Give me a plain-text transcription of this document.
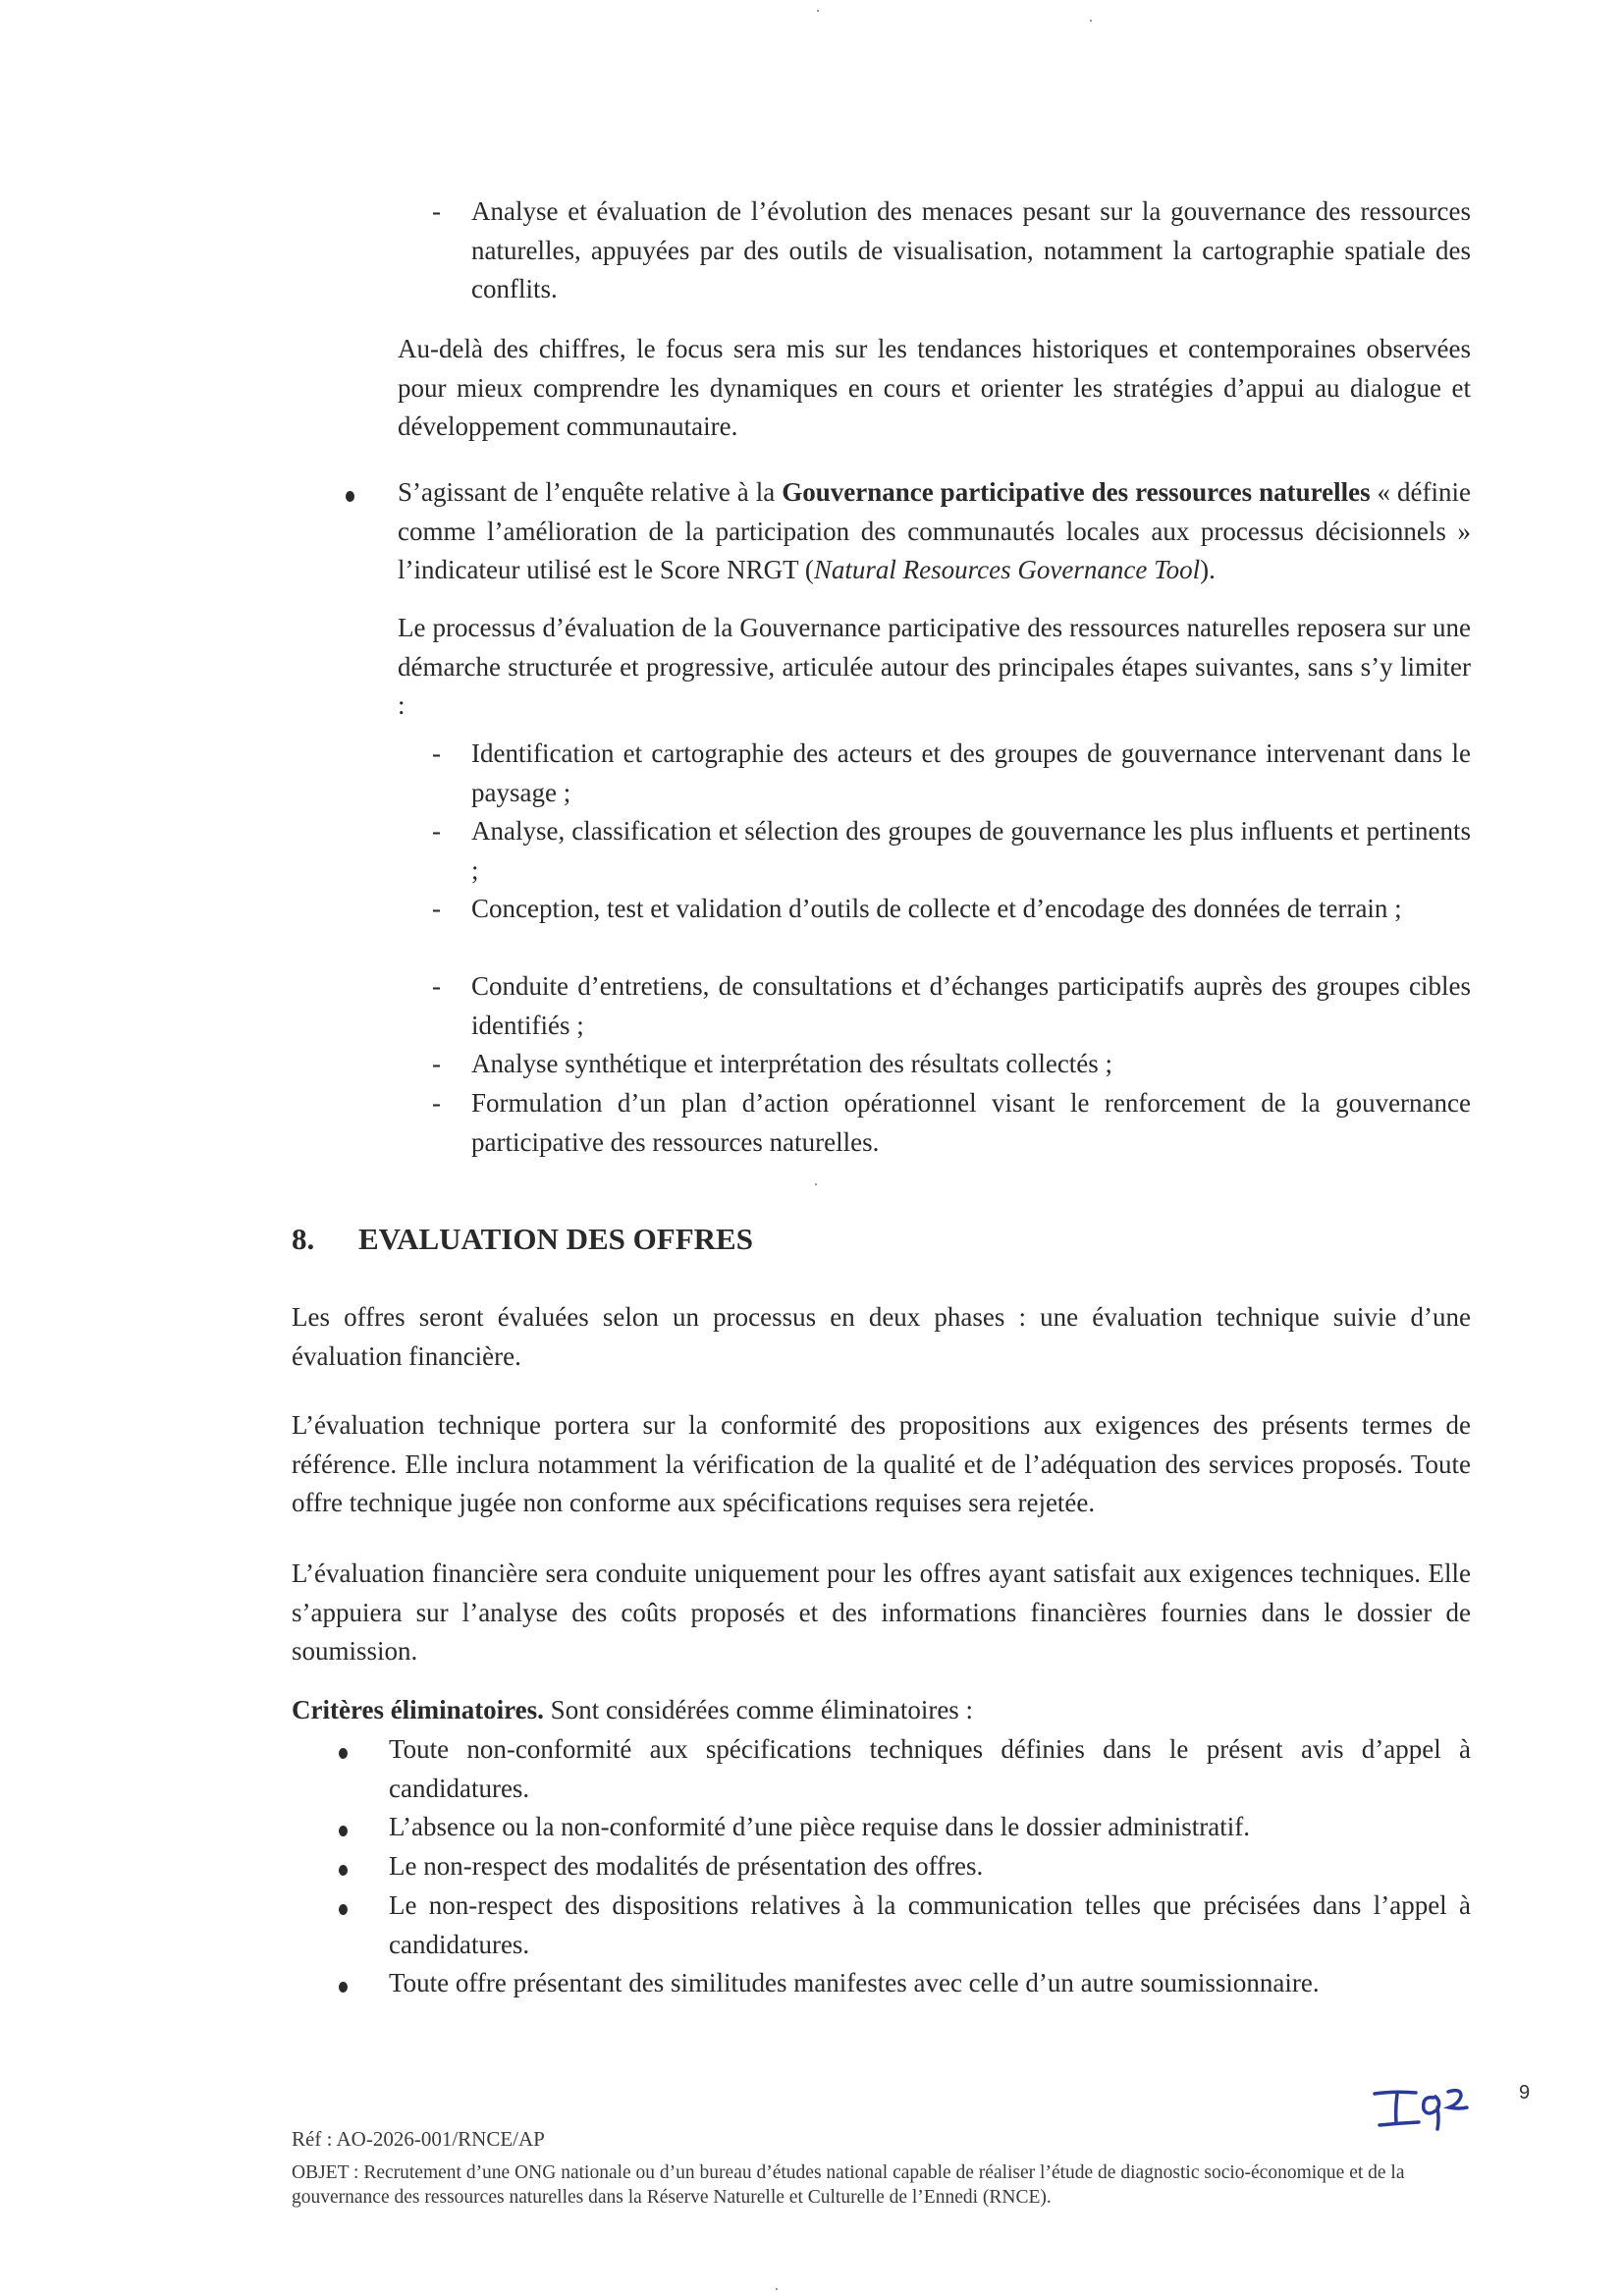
- Analyse et évaluation de l’évolution des menaces pesant sur la gouvernance des ressources naturelles, appuyées par des outils de visualisation, notamment la cartographie spatiale des conflits.

Au-delà des chiffres, le focus sera mis sur les tendances historiques et contemporaines observées pour mieux comprendre les dynamiques en cours et orienter les stratégies d’appui au dialogue et développement communautaire.

S’agissant de l’enquête relative à la Gouvernance participative des ressources naturelles « définie comme l’amélioration de la participation des communautés locales aux processus décisionnels » l’indicateur utilisé est le Score NRGT (Natural Resources Governance Tool).

Le processus d’évaluation de la Gouvernance participative des ressources naturelles reposera sur une démarche structurée et progressive, articulée autour des principales étapes suivantes, sans s’y limiter :

- Identification et cartographie des acteurs et des groupes de gouvernance intervenant dans le paysage ;
- Analyse, classification et sélection des groupes de gouvernance les plus influents et pertinents ;
- Conception, test et validation d’outils de collecte et d’encodage des données de terrain ;
- Conduite d’entretiens, de consultations et d’échanges participatifs auprès des groupes cibles identifiés ;
- Analyse synthétique et interprétation des résultats collectés ;
- Formulation d’un plan d’action opérationnel visant le renforcement de la gouvernance participative des ressources naturelles.
8. EVALUATION DES OFFRES

Les offres seront évaluées selon un processus en deux phases : une évaluation technique suivie d’une évaluation financière.

L’évaluation technique portera sur la conformité des propositions aux exigences des présents termes de référence. Elle inclura notamment la vérification de la qualité et de l’adéquation des services proposés. Toute offre technique jugée non conforme aux spécifications requises sera rejetée.

L’évaluation financière sera conduite uniquement pour les offres ayant satisfait aux exigences techniques. Elle s’appuiera sur l’analyse des coûts proposés et des informations financières fournies dans le dossier de soumission.

Critères éliminatoires. Sont considérées comme éliminatoires :

Toute non-conformité aux spécifications techniques définies dans le présent avis d’appel à candidatures.
L’absence ou la non-conformité d’une pièce requise dans le dossier administratif.
Le non-respect des modalités de présentation des offres.
Le non-respect des dispositions relatives à la communication telles que précisées dans l’appel à candidatures.
Toute offre présentant des similitudes manifestes avec celle d’un autre soumissionnaire.
Réf : AO-2026-001/RNCE/AP
OBJET : Recrutement d’une ONG nationale ou d’un bureau d’études national capable de réaliser l’étude de diagnostic socio-économique et de la gouvernance des ressources naturelles dans la Réserve Naturelle et Culturelle de l’Ennedi (RNCE).
9
